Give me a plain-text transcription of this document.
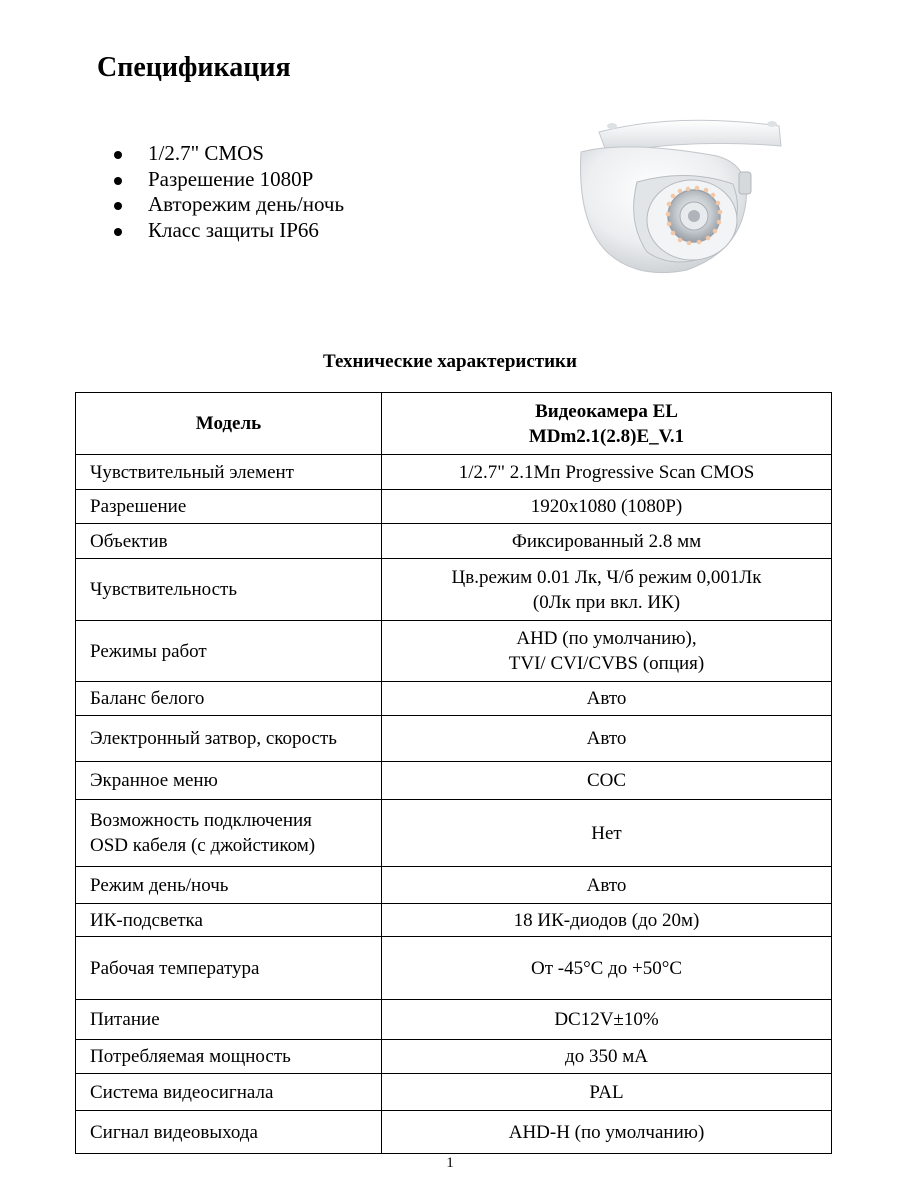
Спецификация
1/2.7" CMOS
Разрешение 1080P
Авторежим день/ночь
Класс защиты IP66
Технические характеристики
Модель	Видеокамера EL
MDm2.1(2.8)E_V.1
Чувствительный элемент	1/2.7" 2.1Мп Progressive Scan CMOS
Разрешение	1920x1080 (1080P)
Объектив	Фиксированный 2.8 мм
Чувствительность	Цв.режим 0.01 Лк, Ч/б режим 0,001Лк
(0Лк при вкл. ИК)
Режимы работ	AHD (по умолчанию),
TVI/ CVI/CVBS (опция)
Баланс белого	Авто
Электронный затвор, скорость	Авто
Экранное меню	COC
Возможность подключения
OSD кабеля (с джойстиком)	Нет
Режим день/ночь	Авто
ИК-подсветка	18 ИК-диодов (до 20м)
Рабочая температура	От -45°C до +50°C
Питание	DC12V±10%
Потребляемая мощность	до 350 мА
Система видеосигнала	PAL
Сигнал видеовыхода	AHD-H (по умолчанию)
1
